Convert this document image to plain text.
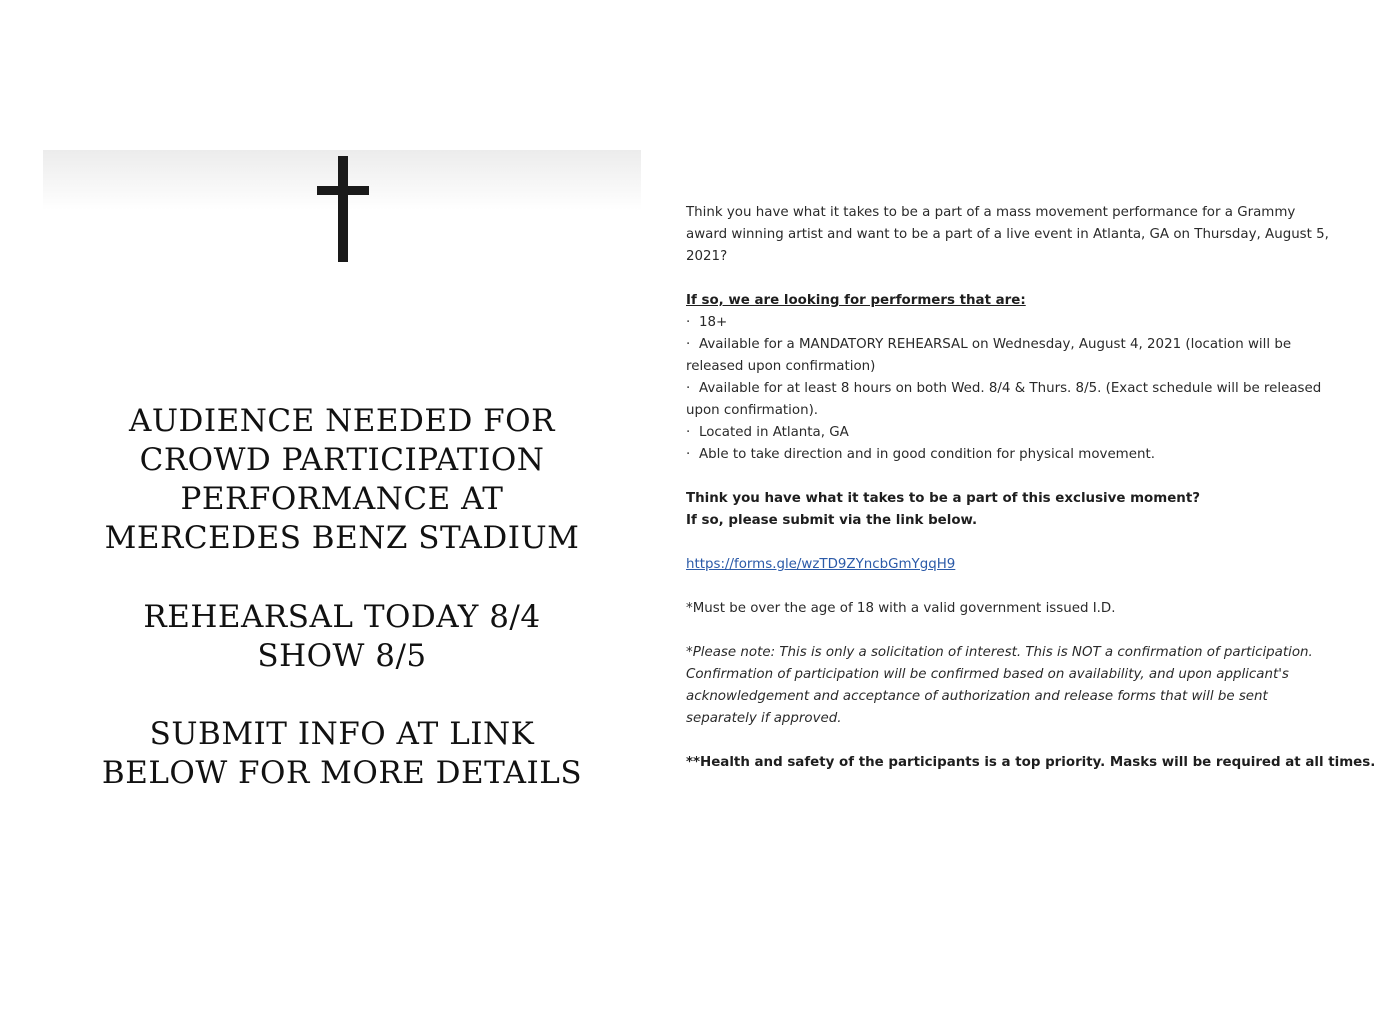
AUDIENCE NEEDED FOR
CROWD PARTICIPATION
PERFORMANCE AT
MERCEDES BENZ STADIUM
REHEARSAL TODAY 8/4
SHOW 8/5
SUBMIT INFO AT LINK
BELOW FOR MORE DETAILS

Think you have what it takes to be a part of a mass movement performance for a Grammy
award winning artist and want to be a part of a live event in Atlanta, GA on Thursday, August 5,
2021?

If so, we are looking for performers that are:

· 18+
· Available for a MANDATORY REHEARSAL on Wednesday, August 4, 2021 (location will be
released upon confirmation)
· Available for at least 8 hours on both Wed. 8/4 & Thurs. 8/5. (Exact schedule will be released
upon confirmation).
· Located in Atlanta, GA
· Able to take direction and in good condition for physical movement.

Think you have what it takes to be a part of this exclusive moment?
If so, please submit via the link below.

https://forms.gle/wzTD9ZYncbGmYgqH9

*Must be over the age of 18 with a valid government issued I.D.

*Please note: This is only a solicitation of interest. This is NOT a confirmation of participation.
Confirmation of participation will be confirmed based on availability, and upon applicant's
acknowledgement and acceptance of authorization and release forms that will be sent
separately if approved.

**Health and safety of the participants is a top priority. Masks will be required at all times.
